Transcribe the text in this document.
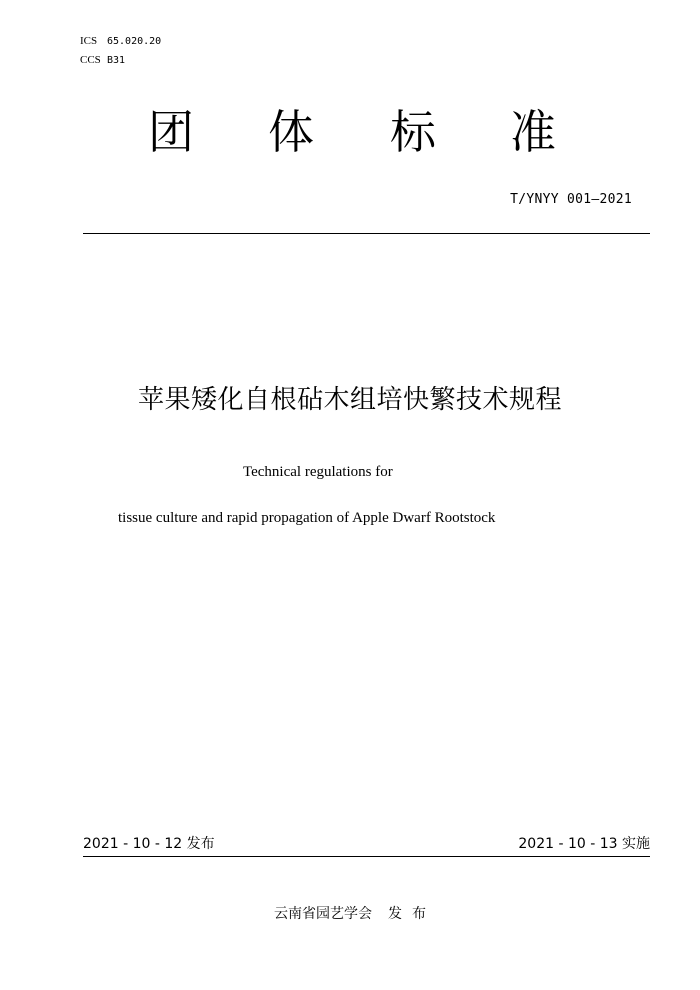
ICS 65.020.20
CCS B31
团 体 标 准
T/YNYY 001—2021
苹果矮化自根砧木组培快繁技术规程
Technical regulations for
tissue culture and rapid propagation of Apple Dwarf Rootstock
2021 - 10 - 12 发布	2021 - 10 - 13 实施
云南省园艺学会 发 布
